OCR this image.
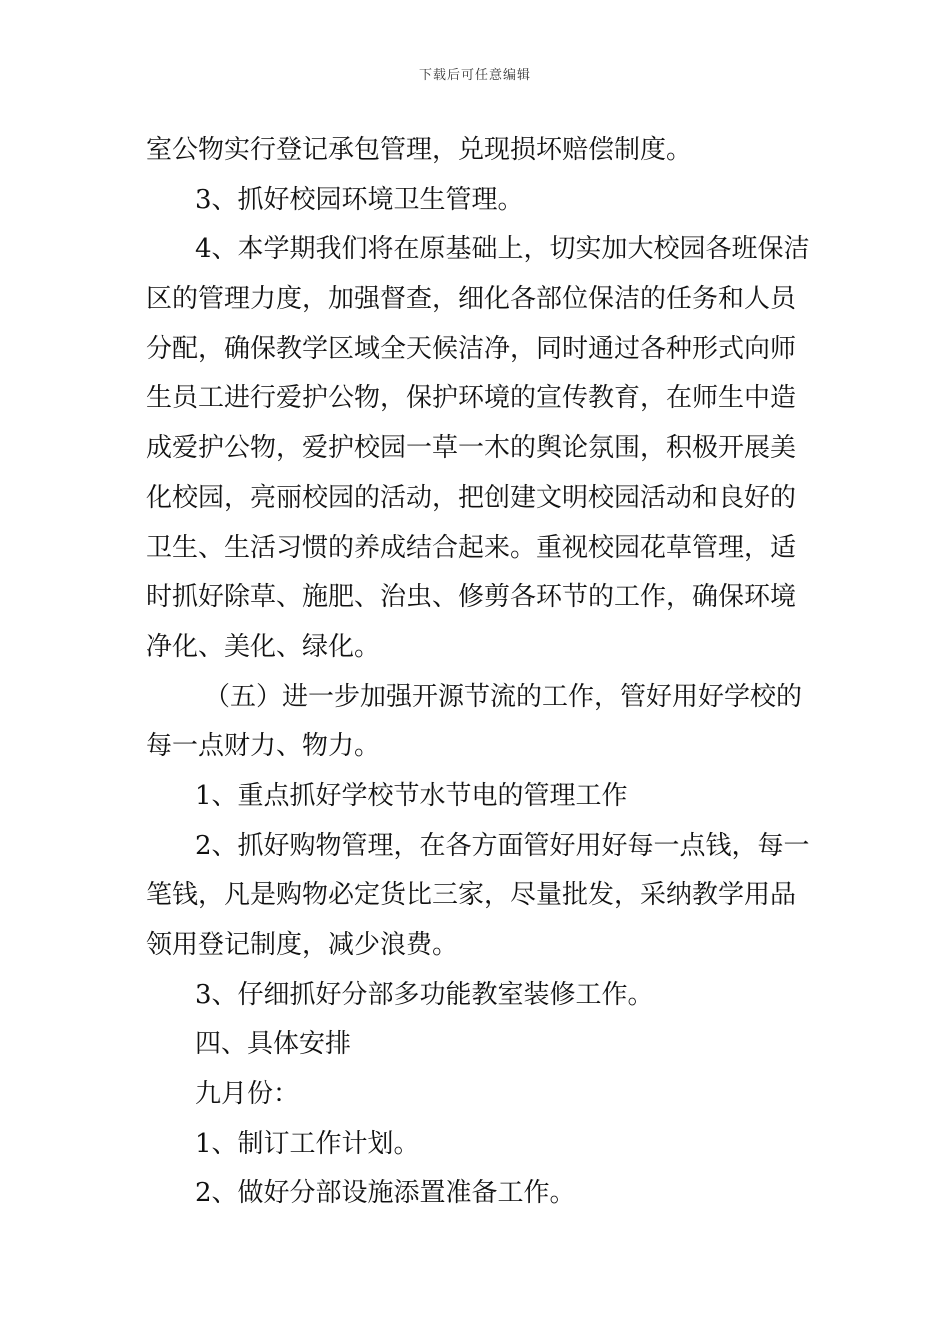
下载后可任意编辑
室公物实行登记承包管理，兑现损坏赔偿制度。
3、抓好校园环境卫生管理。
4、本学期我们将在原基础上，切实加大校园各班保洁
区的管理力度，加强督查，细化各部位保洁的任务和人员
分配，确保教学区域全天候洁净，同时通过各种形式向师
生员工进行爱护公物，保护环境的宣传教育，在师生中造
成爱护公物，爱护校园一草一木的舆论氛围，积极开展美
化校园，亮丽校园的活动，把创建文明校园活动和良好的
卫生、生活习惯的养成结合起来。重视校园花草管理，适
时抓好除草、施肥、治虫、修剪各环节的工作，确保环境
净化、美化、绿化。
（五）进一步加强开源节流的工作，管好用好学校的
每一点财力、物力。
1、重点抓好学校节水节电的管理工作
2、抓好购物管理，在各方面管好用好每一点钱，每一
笔钱，凡是购物必定货比三家，尽量批发，采纳教学用品
领用登记制度，减少浪费。
3、仔细抓好分部多功能教室装修工作。
四、具体安排
九月份：
1、制订工作计划。
2、做好分部设施添置准备工作。
